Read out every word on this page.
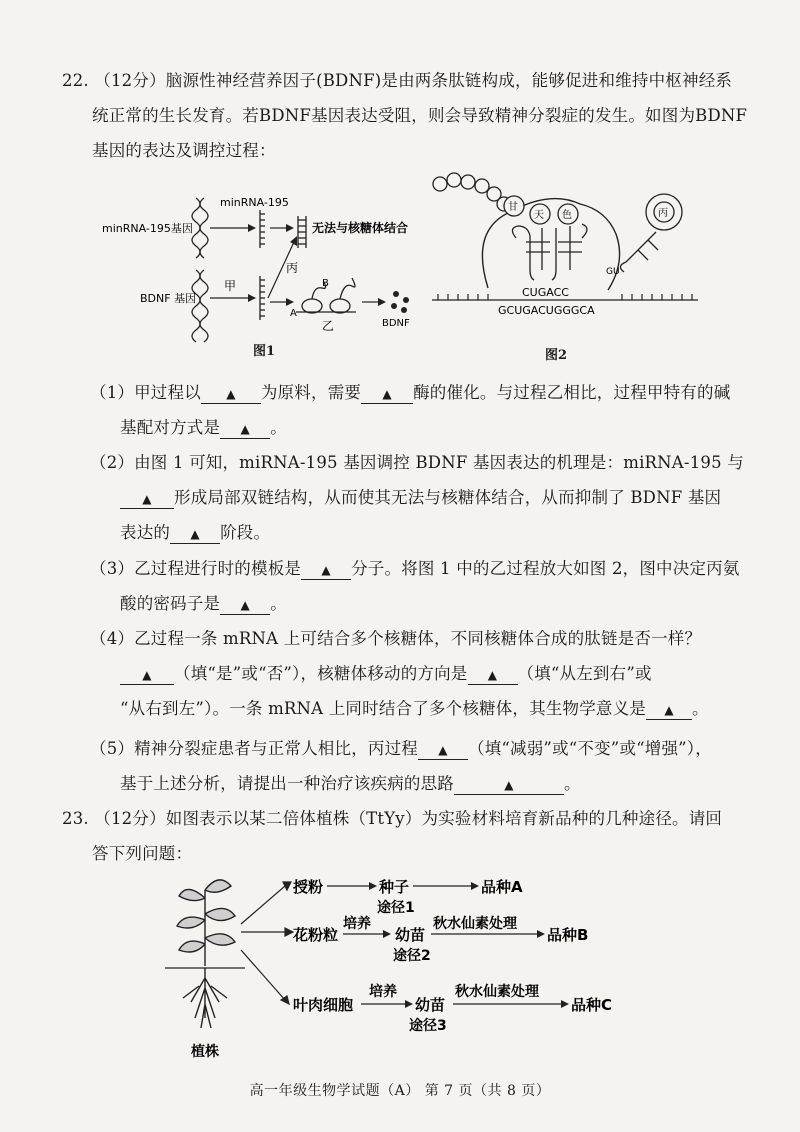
22. （12分）脑源性神经营养因子(BDNF)是由两条肽链构成，能够促进和维持中枢神经系
统正常的生长发育。若BDNF基因表达受阻，则会导致精神分裂症的发生。如图为BDNF
基因的表达及调控过程：
minRNA-195基因
minRNA-195
无法与核糖体结合
丙
BDNF 基因
甲	B
A
乙	BDNF
图1
甘
天 色
CUGACC
GCUGACUGGGCA
丙
GU
图2
（1）甲过程以 ▲ 为原料，需要 ▲ 酶的催化。与过程乙相比，过程甲特有的碱
基配对方式是 ▲ 。
（2）由图 1 可知，miRNA-195 基因调控 BDNF 基因表达的机理是：miRNA-195 与
▲ 形成局部双链结构，从而使其无法与核糖体结合，从而抑制了 BDNF 基因
表达的 ▲ 阶段。
（3）乙过程进行时的模板是 ▲ 分子。将图 1 中的乙过程放大如图 2，图中决定丙氨
酸的密码子是 ▲ 。
（4）乙过程一条 mRNA 上可结合多个核糖体，不同核糖体合成的肽链是否一样？
▲ （填“是”或“否”），核糖体移动的方向是 ▲ （填“从左到右”或
“从右到左”）。一条 mRNA 上同时结合了多个核糖体，其生物学意义是 ▲ 。
（5）精神分裂症患者与正常人相比，丙过程 ▲ （填“减弱”或“不变”或“增强”），
基于上述分析，请提出一种治疗该疾病的思路	▲	。
23. （12分）如图表示以某二倍体植株（TtYy）为实验材料培育新品种的几种途径。请回
答下列问题：
植株
授粉	种子	品种A
途径1
花粉粒
培养
幼苗
秋水仙素处理
品种B
途径2
叶肉细胞
培养
幼苗
秋水仙素处理
品种C
途径3
高一年级生物学试题（A） 第 7 页（共 8 页）
